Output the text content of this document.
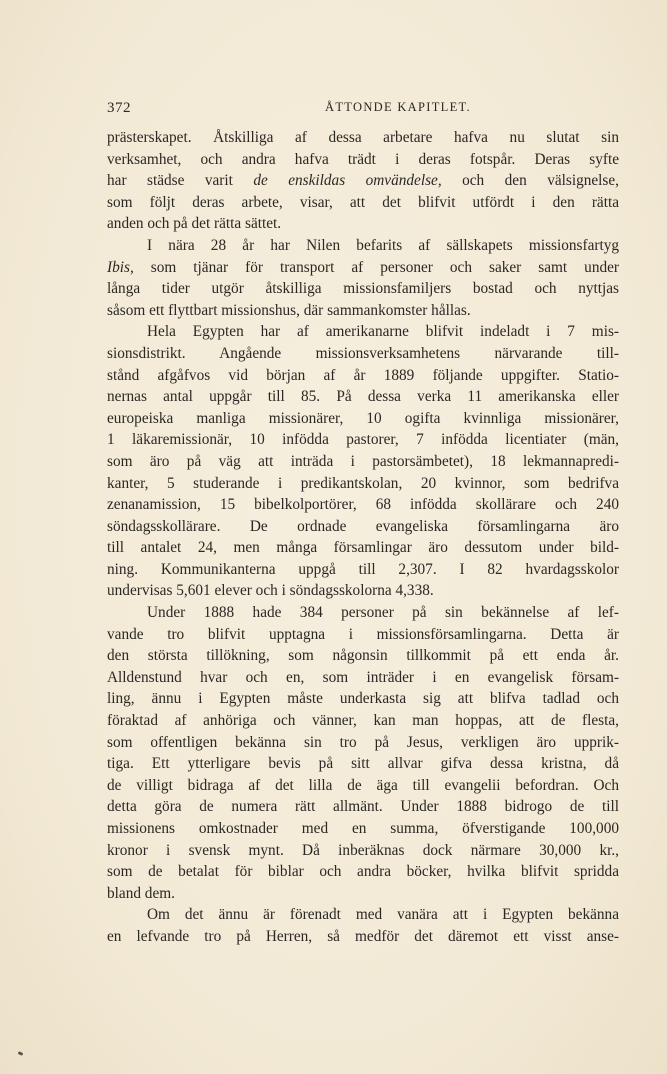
372	ÅTTONDE KAPITLET.
prästerskapet. Åtskilliga af dessa arbetare hafva nu slutat sin
verksamhet, och andra hafva trädt i deras fotspår. Deras syfte
har städse varit de enskildas omvändelse, och den välsignelse,
som följt deras arbete, visar, att det blifvit utfördt i den rätta
anden och på det rätta sättet.
I nära 28 år har Nilen befarits af sällskapets missionsfartyg
Ibis, som tjänar för transport af personer och saker samt under
långa tider utgör åtskilliga missionsfamiljers bostad och nyttjas
såsom ett flyttbart missionshus, där sammankomster hållas.
Hela Egypten har af amerikanarne blifvit indeladt i 7 mis-
sionsdistrikt. Angående missionsverksamhetens närvarande till-
stånd afgåfvos vid början af år 1889 följande uppgifter. Statio-
nernas antal uppgår till 85. På dessa verka 11 amerikanska eller
europeiska manliga missionärer, 10 ogifta kvinnliga missionärer,
1 läkaremissionär, 10 infödda pastorer, 7 infödda licentiater (män,
som äro på väg att inträda i pastorsämbetet), 18 lekmannapredi-
kanter, 5 studerande i predikantskolan, 20 kvinnor, som bedrifva
zenanamission, 15 bibelkolportörer, 68 infödda skollärare och 240
söndagsskollärare. De ordnade evangeliska församlingarna äro
till antalet 24, men många församlingar äro dessutom under bild-
ning. Kommunikanterna uppgå till 2,307. I 82 hvardagsskolor
undervisas 5,601 elever och i söndagsskolorna 4,338.
Under 1888 hade 384 personer på sin bekännelse af lef-
vande tro blifvit upptagna i missionsförsamlingarna. Detta är
den största tillökning, som någonsin tillkommit på ett enda år.
Alldenstund hvar och en, som inträder i en evangelisk försam-
ling, ännu i Egypten måste underkasta sig att blifva tadlad och
föraktad af anhöriga och vänner, kan man hoppas, att de flesta,
som offentligen bekänna sin tro på Jesus, verkligen äro upprik-
tiga. Ett ytterligare bevis på sitt allvar gifva dessa kristna, då
de villigt bidraga af det lilla de äga till evangelii befordran. Och
detta göra de numera rätt allmänt. Under 1888 bidrogo de till
missionens omkostnader med en summa, öfverstigande 100,000
kronor i svensk mynt. Då inberäknas dock närmare 30,000 kr.,
som de betalat för biblar och andra böcker, hvilka blifvit spridda
bland dem.
Om det ännu är förenadt med vanära att i Egypten bekänna
en lefvande tro på Herren, så medför det däremot ett visst anse-
